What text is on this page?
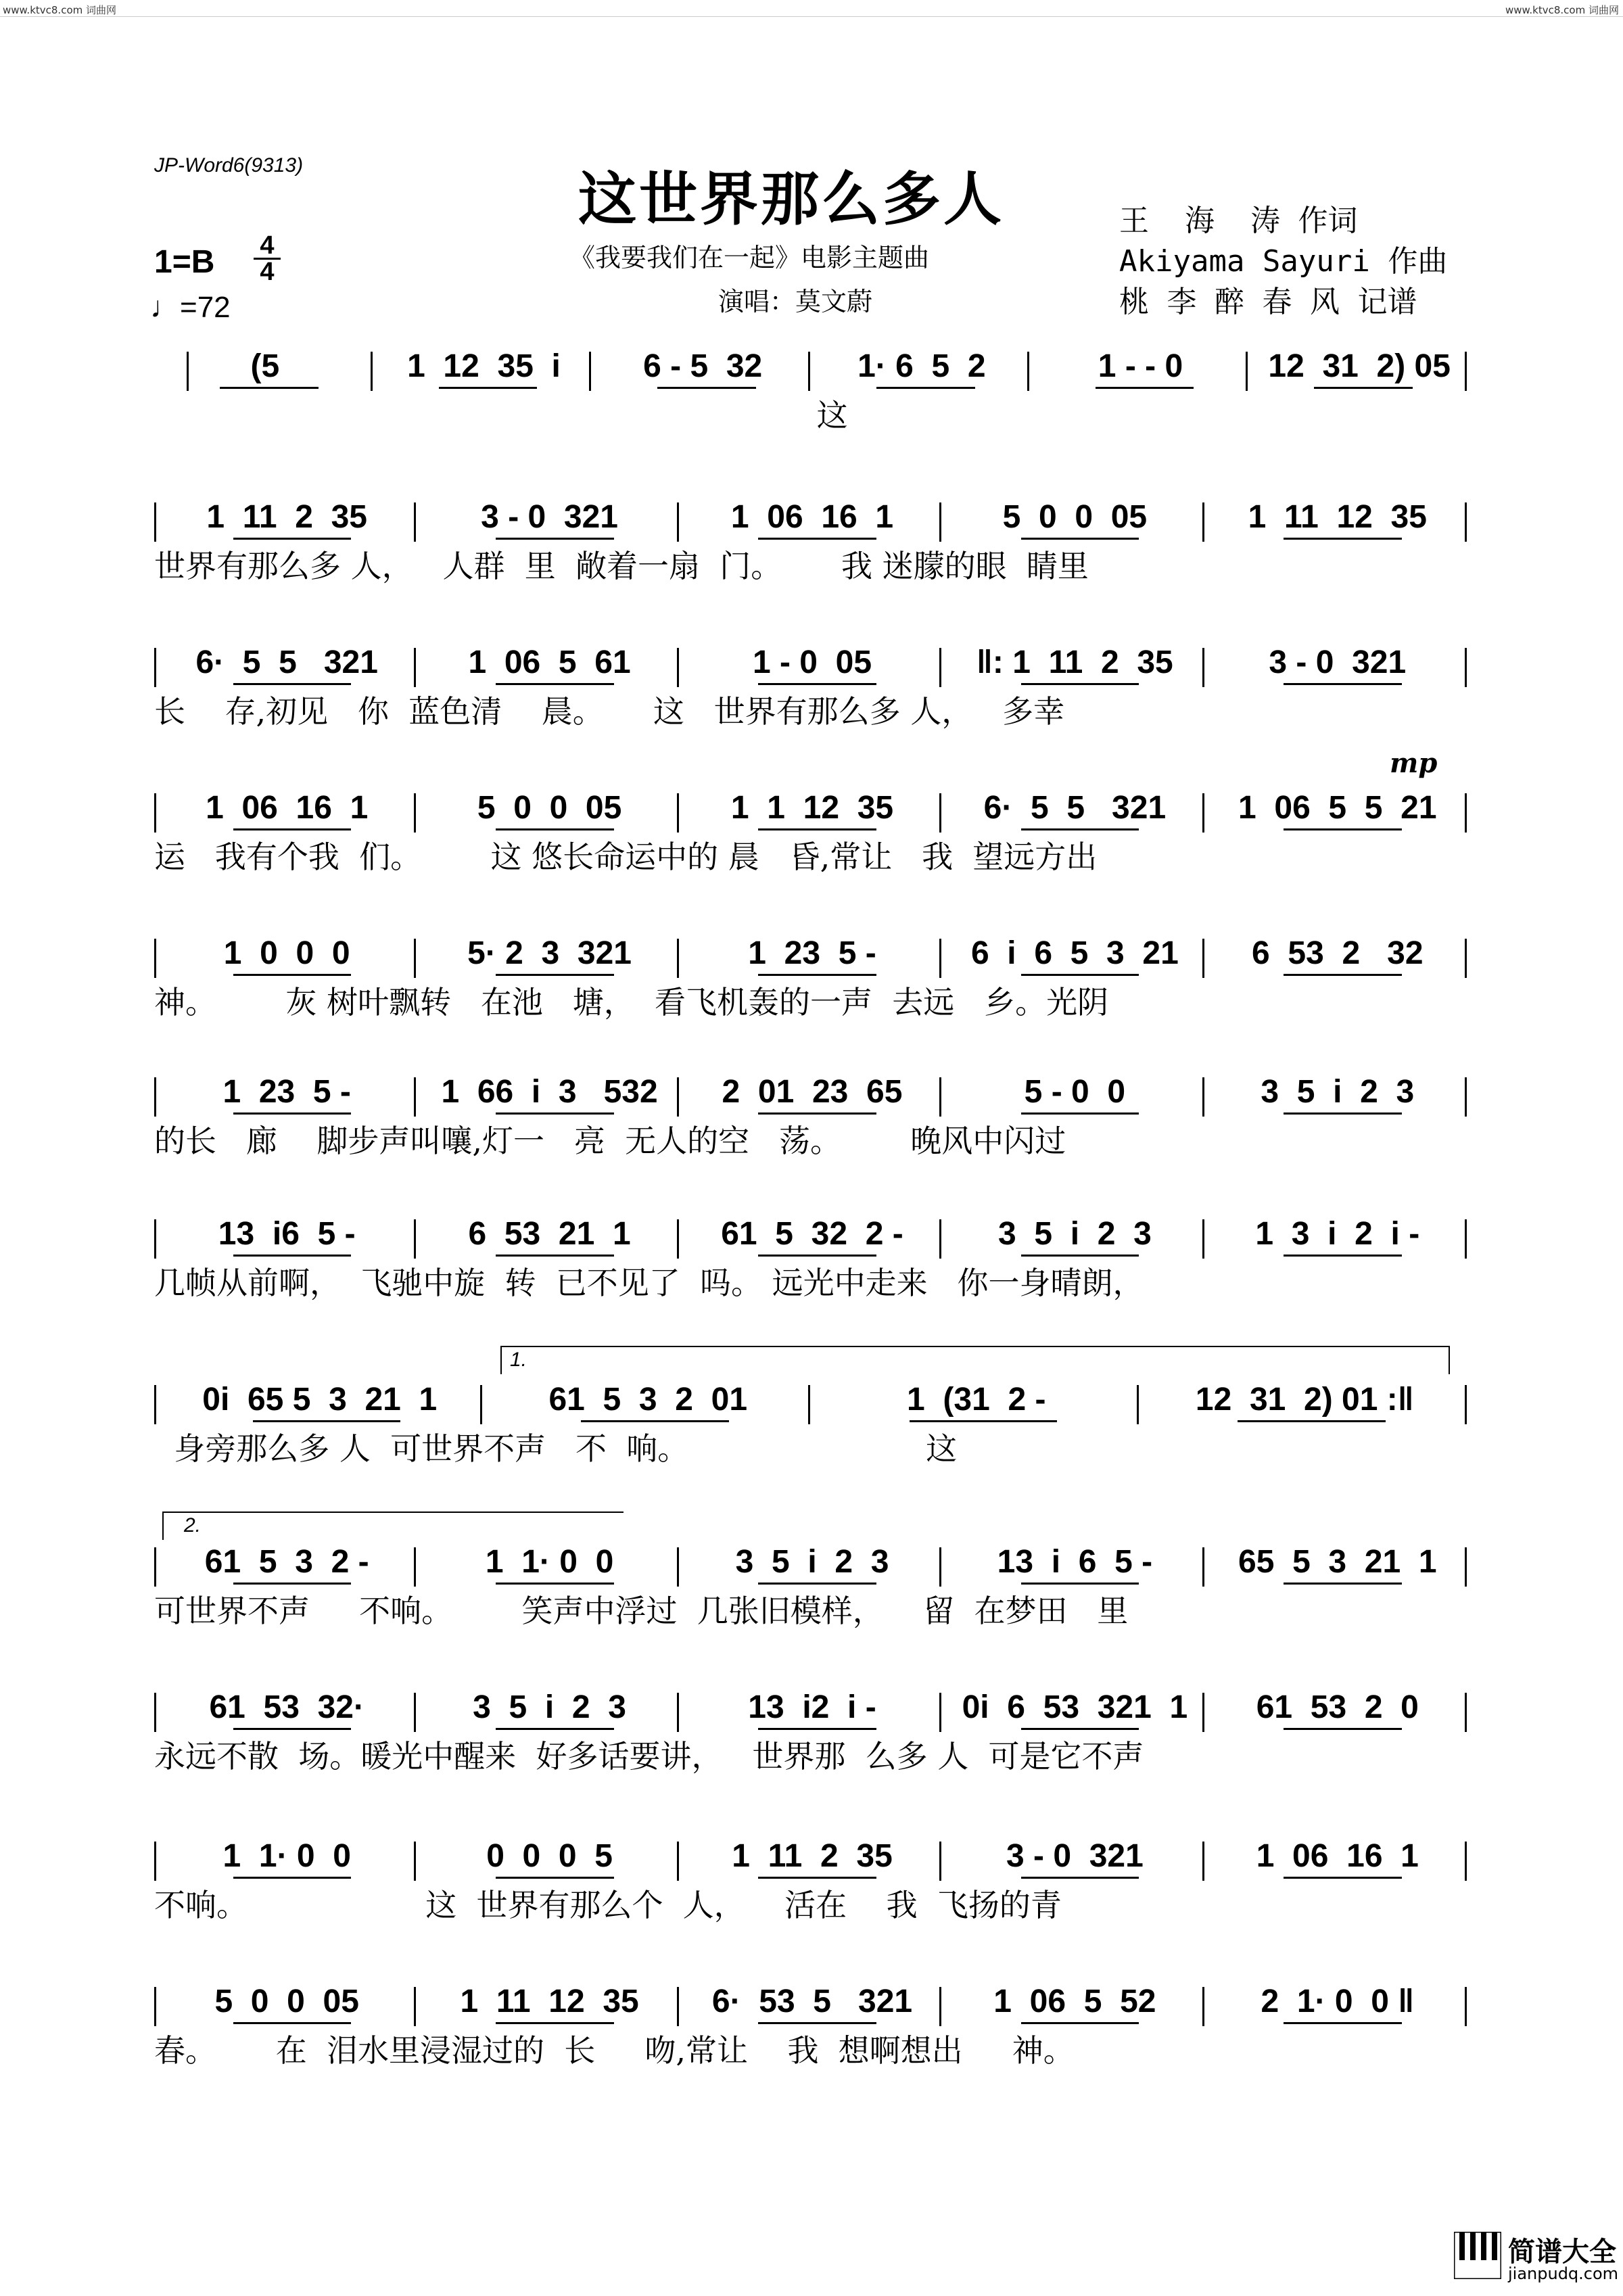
www.ktvc8.com 词曲网	www.ktvc8.com 词曲网
JP-Word6(9313)	这世界那么多人
《我要我们在一起》电影主题曲
演唱：莫文蔚
王  海  涛 作词
Akiyama Sayuri 作曲
桃 李 醉 春 风 记谱
1=B 4
4
♩=72
mp
1.
2.
(5	1  12  35  i	6 - 5  32	1· 6  5  2	1 - - 0	12  31  2) 05
这
1  11  2  35	3 - 0  321	1  06  16  1	5  0  0  05	1  11  12  35
世界有那么多 人，   人群  里  敞着一扇  门。      我 迷朦的眼  睛里
6·  5  5   321	1  06  5  61	1 - 0  05	‖: 1  11  2  35	3 - 0  321
长    存,初见   你  蓝色清    晨。     这   世界有那么多 人，   多幸
1  06  16  1	5  0  0  05	1  1  12  35	6·  5  5   321	1  06  5  5  21
运   我有个我  们。       这 悠长命运中的 晨   昏,常让   我  望远方出
1  0  0  0	5· 2  3  321	1  23  5 -	6  i  6  5  3  21	6  53  2   32
神。       灰 树叶飘转   在池   塘，  看飞机轰的一声  去远   乡。光阴
1  23  5 -	1  66  i  3   532	2  01  23  65	5 - 0  0	3  5  i  2  3
的长   廊    脚步声叫嚷,灯一   亮  无人的空   荡。       晚风中闪过
13  i6  5 -	6  53  21  1	61  5  32  2 -	3  5  i  2  3	1  3  i  2  i -
几帧从前啊，  飞驰中旋  转  已不见了  吗。 远光中走来   你一身晴朗，
0i  65 5  3  21  1	61  5  3  2  01	1  (31  2 -	12  31  2) 01 :‖
身旁那么多 人  可世界不声   不  响。                        这
61  5  3  2 -	1  1· 0  0	3  5  i  2  3	13  i  6  5 -	65  5  3  21  1
可世界不声     不响。       笑声中浮过  几张旧模样，    留  在梦田   里
61  53  32·	3  5  i  2  3	13  i2  i -	0i  6  53  321  1	61  53  2  0
永远不散  场。暖光中醒来  好多话要讲，   世界那  么多 人  可是它不声
1  1· 0  0	0  0  0  5	1  11  2  35	3 - 0  321	1  06  16  1
不响。                  这  世界有那么个  人，    活在    我  飞扬的青
5  0  0  05	1  11  12  35	6·  53  5   321	1  06  5  52	2  1· 0  0 ‖
春。      在  泪水里浸湿过的  长     吻,常让    我  想啊想出     神。
简谱大全
jianpudq.com
